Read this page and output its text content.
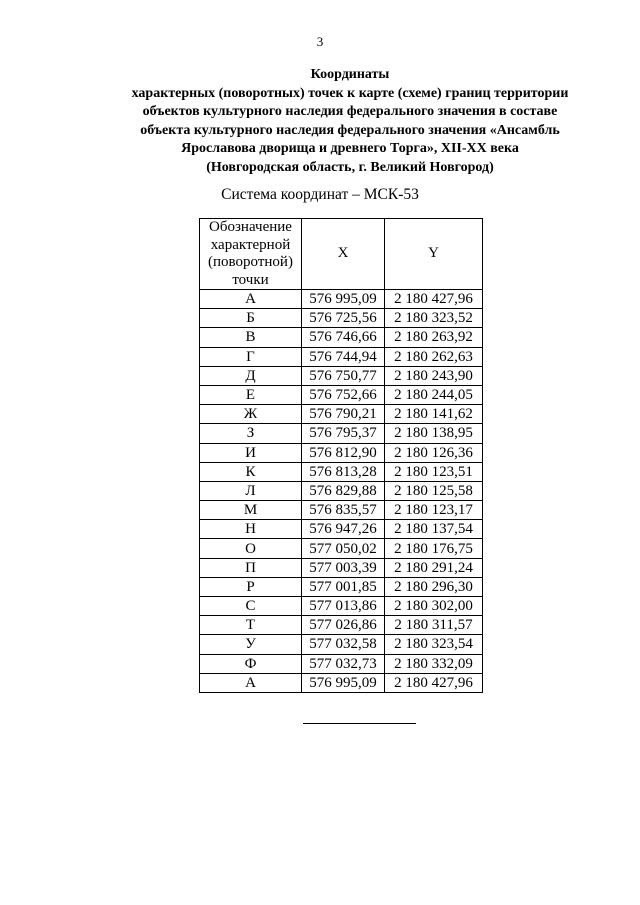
3
Координаты
характерных (поворотных) точек к карте (схеме) границ территории
объектов культурного наследия федерального значения в составе
объекта культурного наследия федерального значения «Ансамбль
Ярославова дворища и древнего Торга», XII-XX века
(Новгородская область, г. Великий Новгород)
Система координат – МСК-53
Обозначение характерной (поворотной) точки	X	Y
А	576 995,09	2 180 427,96
Б	576 725,56	2 180 323,52
В	576 746,66	2 180 263,92
Г	576 744,94	2 180 262,63
Д	576 750,77	2 180 243,90
Е	576 752,66	2 180 244,05
Ж	576 790,21	2 180 141,62
З	576 795,37	2 180 138,95
И	576 812,90	2 180 126,36
К	576 813,28	2 180 123,51
Л	576 829,88	2 180 125,58
М	576 835,57	2 180 123,17
Н	576 947,26	2 180 137,54
О	577 050,02	2 180 176,75
П	577 003,39	2 180 291,24
Р	577 001,85	2 180 296,30
С	577 013,86	2 180 302,00
Т	577 026,86	2 180 311,57
У	577 032,58	2 180 323,54
Ф	577 032,73	2 180 332,09
А	576 995,09	2 180 427,96
